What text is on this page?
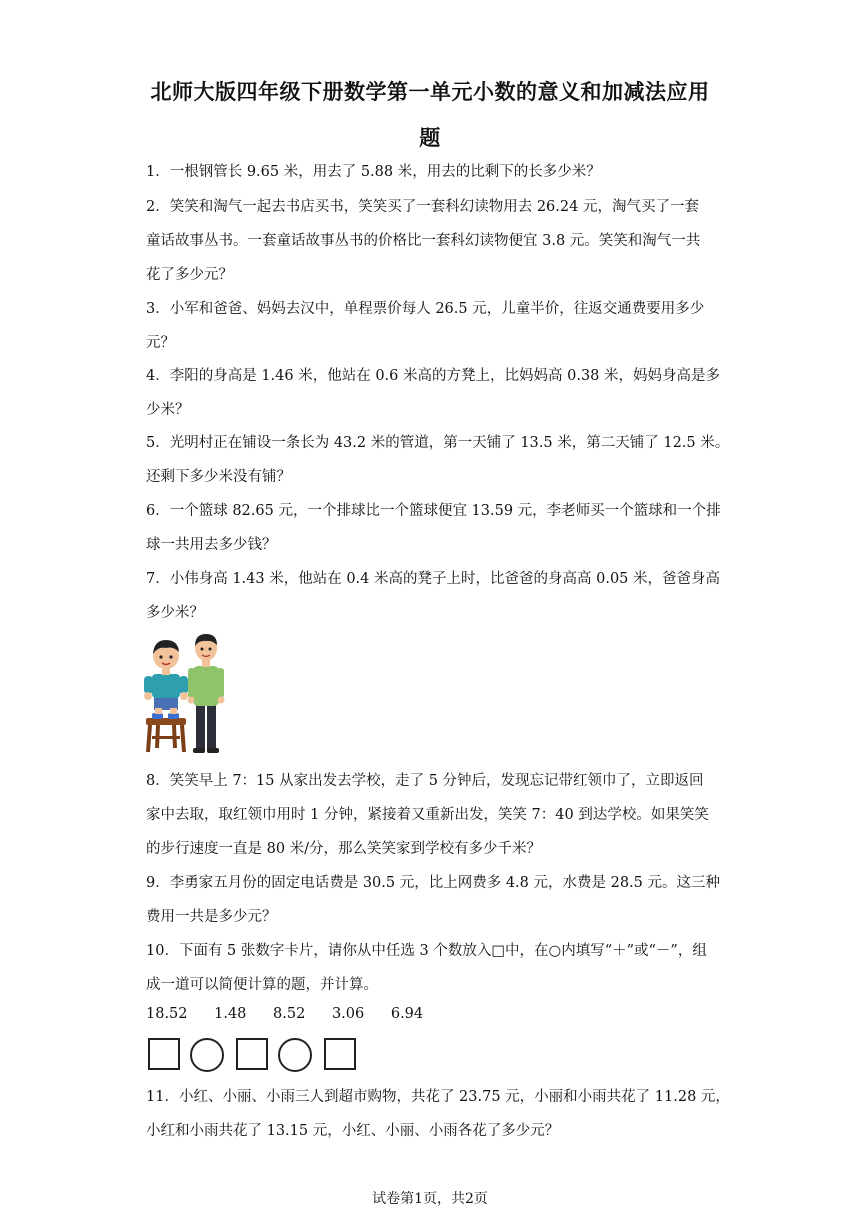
北师大版四年级下册数学第一单元小数的意义和加减法应用
题
1．一根钢管长 9.65 米，用去了 5.88 米，用去的比剩下的长多少米？
2．笑笑和淘气一起去书店买书，笑笑买了一套科幻读物用去 26.24 元，淘气买了一套
童话故事丛书。一套童话故事丛书的价格比一套科幻读物便宜 3.8 元。笑笑和淘气一共
花了多少元？
3．小军和爸爸、妈妈去汉中，单程票价每人 26.5 元，儿童半价，往返交通费要用多少
元？
4．李阳的身高是 1.46 米，他站在 0.6 米高的方凳上，比妈妈高 0.38 米，妈妈身高是多
少米？
5．光明村正在铺设一条长为 43.2 米的管道，第一天铺了 13.5 米，第二天铺了 12.5 米。
还剩下多少米没有铺？
6．一个篮球 82.65 元，一个排球比一个篮球便宜 13.59 元，李老师买一个篮球和一个排
球一共用去多少钱？
7．小伟身高 1.43 米，他站在 0.4 米高的凳子上时，比爸爸的身高高 0.05 米，爸爸身高
多少米？
8．笑笑早上 7：15 从家出发去学校，走了 5 分钟后，发现忘记带红领巾了，立即返回
家中去取，取红领巾用时 1 分钟，紧接着又重新出发，笑笑 7：40 到达学校。如果笑笑
的步行速度一直是 80 米/分，那么笑笑家到学校有多少千米？
9．李勇家五月份的固定电话费是 30.5 元，比上网费多 4.8 元，水费是 28.5 元。这三种
费用一共是多少元？
10．下面有 5 张数字卡片，请你从中任选 3 个数放入□中，在○内填写“＋”或“－”，组
成一道可以简便计算的题，并计算。
18.52 1.48 8.52 3.06 6.94
11．小红、小丽、小雨三人到超市购物，共花了 23.75 元，小丽和小雨共花了 11.28 元，
小红和小雨共花了 13.15 元，小红、小丽、小雨各花了多少元？
试卷第1页，共2页
